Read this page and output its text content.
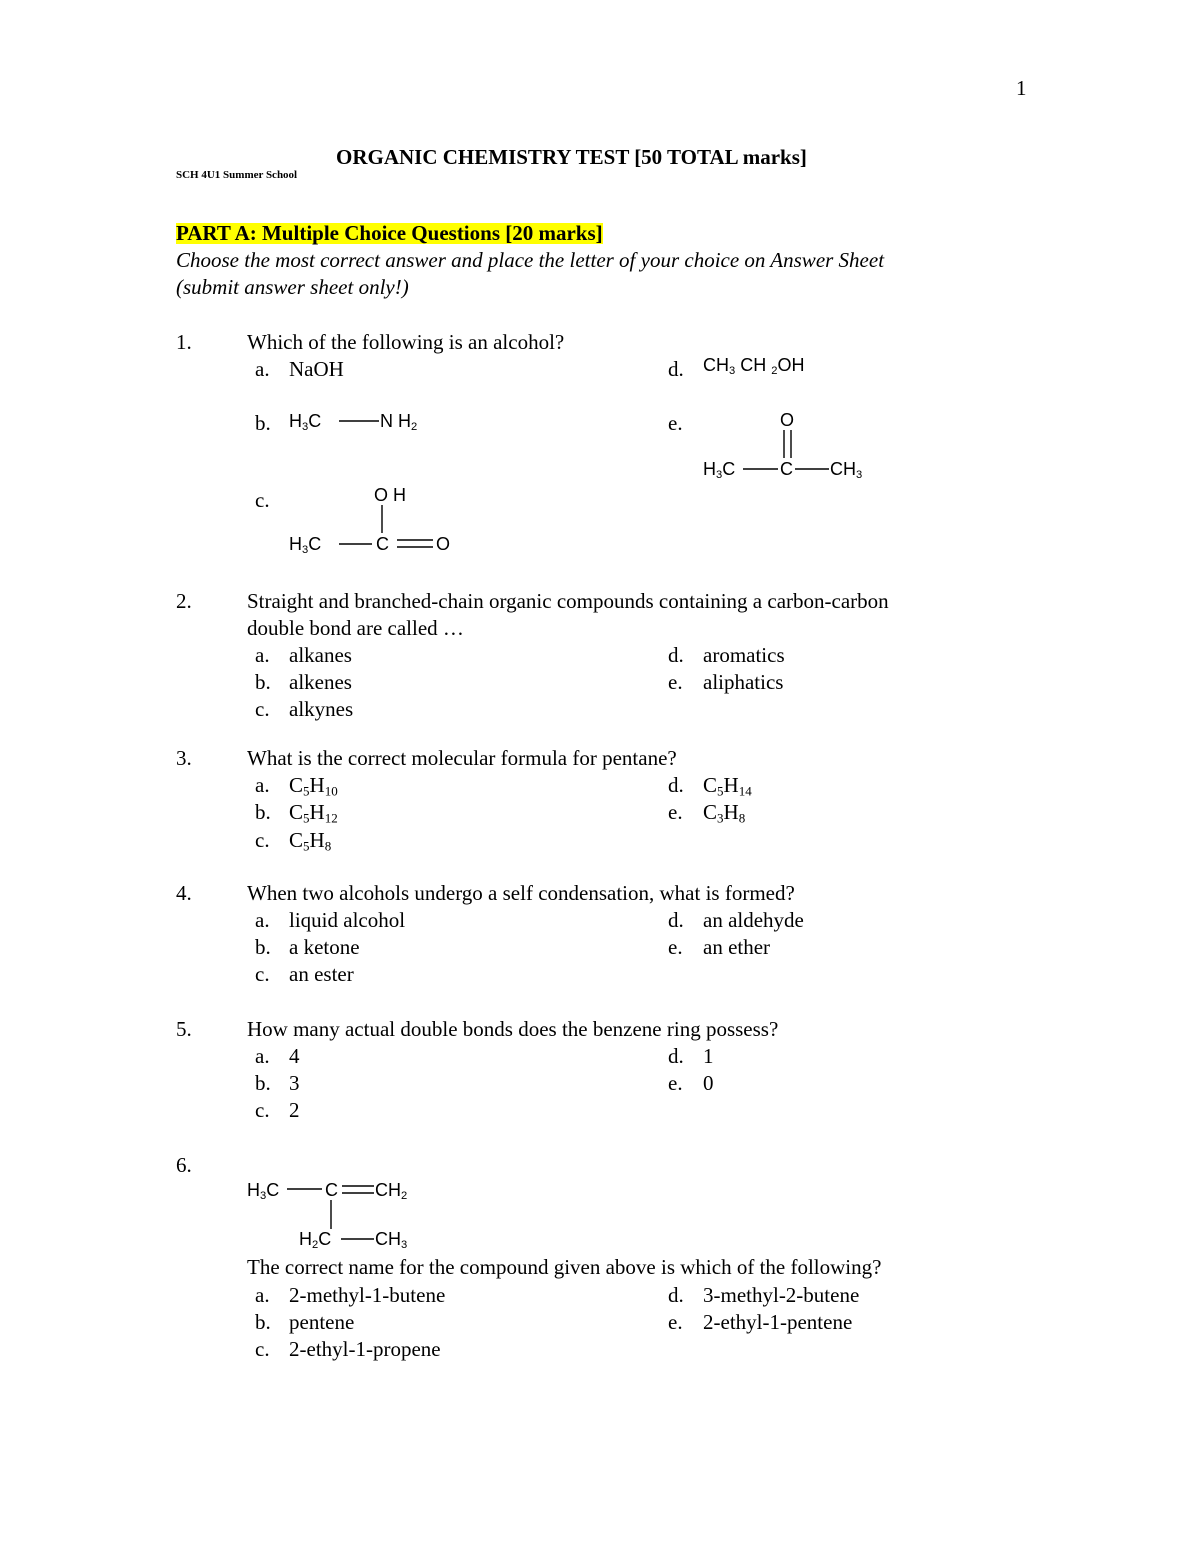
1
ORGANIC CHEMISTRY TEST [50 TOTAL marks]
SCH 4U1 Summer School
PART A: Multiple Choice Questions [20 marks]
Choose the most correct answer and place the letter of your choice on Answer Sheet
(submit answer sheet only!)
1.	Which of the following is an alcohol?
a. NaOH	d. $CH_3$ CH $_2$OH
b. $H_3C$	N $H_2$	e.	O
$H_3C$ C $CH_3$
c.	O H
$H_3C$	C	O
2.	Straight and branched-chain organic compounds containing a carbon-carbon
double bond are called …
a. alkanes	d. aromatics
b. alkenes	e. aliphatics
c. alkynes
3.	What is the correct molecular formula for pentane?
a. $C_5H_{10}$	d. $C_5H_{14}$
b. $C_5H_{12}$	e. $C_3H_8$
c. $C_5H_8$
4.	When two alcohols undergo a self condensation, what is formed?
a. liquid alcohol	d. an aldehyde
b. a ketone	e. an ether
c. an ester
5.	How many actual double bonds does the benzene ring possess?
a. 4	d. 1
b. 3	e. 0
c. 2
6.
$H_3C$	C $CH_2$
$H_2C$ $CH_3$
The correct name for the compound given above is which of the following?
a. 2-methyl-1-butene	d. 3-methyl-2-butene
b. pentene	e. 2-ethyl-1-pentene
c. 2-ethyl-1-propene
